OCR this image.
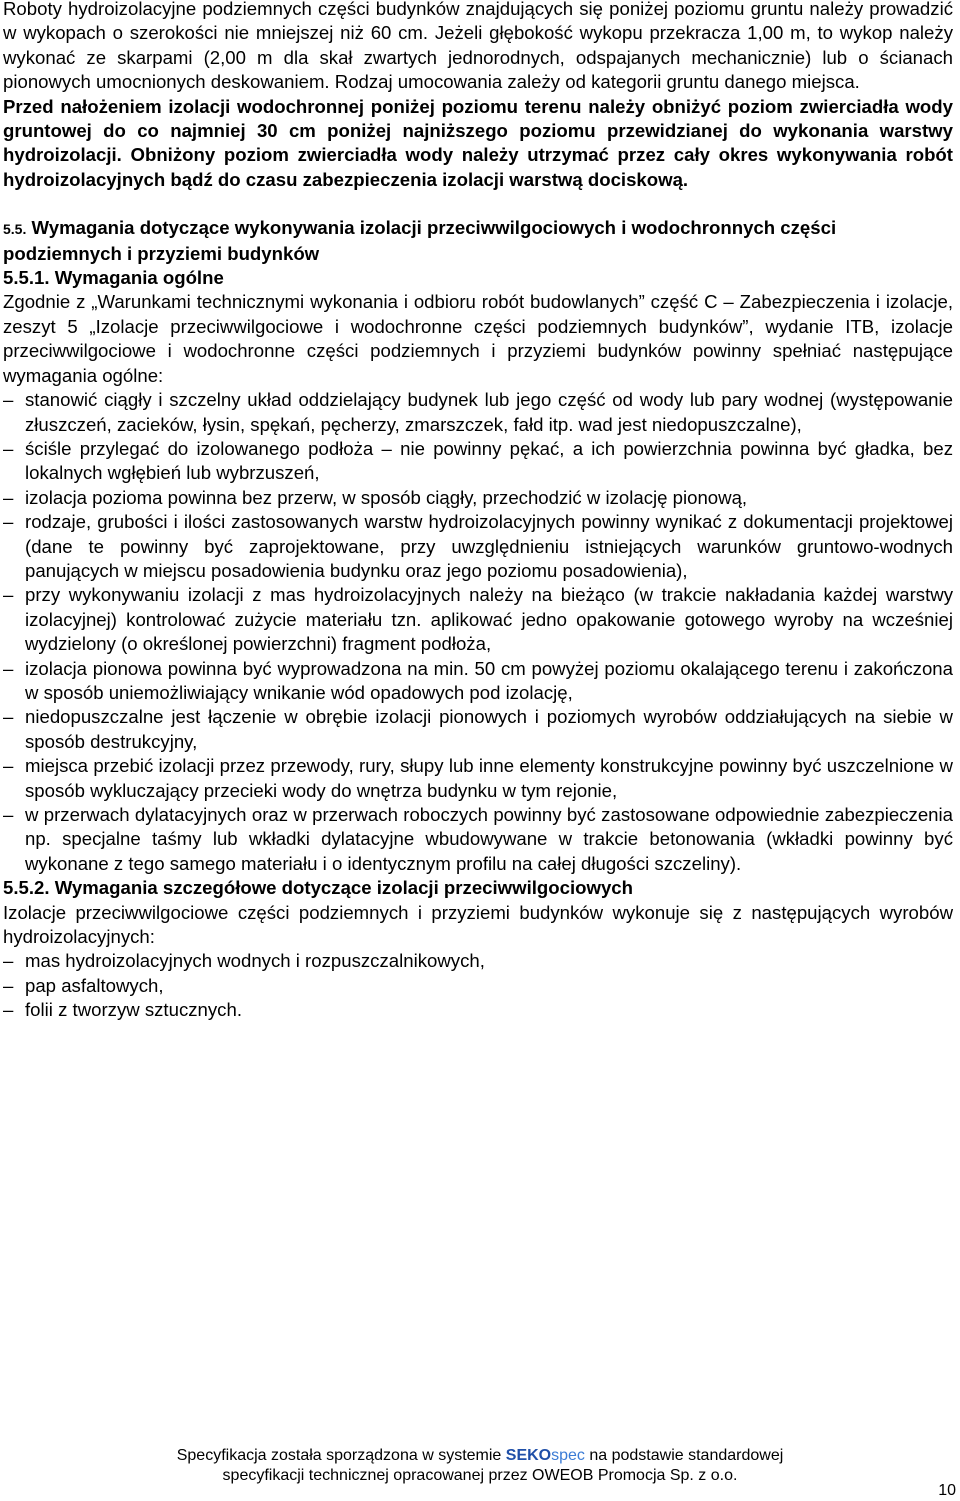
Roboty hydroizolacyjne podziemnych części budynków znajdujących się poniżej poziomu gruntu należy prowadzić w wykopach o szerokości nie mniejszej niż 60 cm. Jeżeli głębokość wykopu przekracza 1,00 m, to wykop należy wykonać ze skarpami (2,00 m dla skał zwartych jednorodnych, odspajanych mechanicznie) lub o ścianach pionowych umocnionych deskowaniem. Rodzaj umocowania zależy od kategorii gruntu danego miejsca.

Przed nałożeniem izolacji wodochronnej poniżej poziomu terenu należy obniżyć poziom zwierciadła wody gruntowej do co najmniej 30 cm poniżej najniższego poziomu przewidzianej do wykonania warstwy hydroizolacji. Obniżony poziom zwierciadła wody należy utrzymać przez cały okres wykonywania robót hydroizolacyjnych bądź do czasu zabezpieczenia izolacji warstwą dociskową.

5.5. Wymagania dotyczące wykonywania izolacji przeciwwilgociowych i wodochronnych części podziemnych i przyziemi budynków
5.5.1. Wymagania ogólne

Zgodnie z „Warunkami technicznymi wykonania i odbioru robót budowlanych” część C – Zabezpieczenia i izolacje, zeszyt 5 „Izolacje przeciwwilgociowe i wodochronne części podziemnych budynków”, wydanie ITB, izolacje przeciwwilgociowe i wodochronne części podziemnych i przyziemi budynków powinny spełniać następujące wymagania ogólne:

– stanowić ciągły i szczelny układ oddzielający budynek lub jego część od wody lub pary wodnej (występowanie złuszczeń, zacieków, łysin, spękań, pęcherzy, zmarszczek, fałd itp. wad jest niedopuszczalne),
– ściśle przylegać do izolowanego podłoża – nie powinny pękać, a ich powierzchnia powinna być gładka, bez lokalnych wgłębień lub wybrzuszeń,
– izolacja pozioma powinna bez przerw, w sposób ciągły, przechodzić w izolację pionową,
– rodzaje, grubości i ilości zastosowanych warstw hydroizolacyjnych powinny wynikać z dokumentacji projektowej (dane te powinny być zaprojektowane, przy uwzględnieniu istniejących warunków gruntowo-wodnych panujących w miejscu posadowienia budynku oraz jego poziomu posadowienia),
– przy wykonywaniu izolacji z mas hydroizolacyjnych należy na bieżąco (w trakcie nakładania każdej warstwy izolacyjnej) kontrolować zużycie materiału tzn. aplikować jedno opakowanie gotowego wyroby na wcześniej wydzielony (o określonej powierzchni) fragment podłoża,
– izolacja pionowa powinna być wyprowadzona na min. 50 cm powyżej poziomu okalającego terenu i zakończona w sposób uniemożliwiający wnikanie wód opadowych pod izolację,
– niedopuszczalne jest łączenie w obrębie izolacji pionowych i poziomych wyrobów oddziałujących na siebie w sposób destrukcyjny,
– miejsca przebić izolacji przez przewody, rury, słupy lub inne elementy konstrukcyjne powinny być uszczelnione w sposób wykluczający przecieki wody do wnętrza budynku w tym rejonie,
– w przerwach dylatacyjnych oraz w przerwach roboczych powinny być zastosowane odpowiednie zabezpieczenia np. specjalne taśmy lub wkładki dylatacyjne wbudowywane w trakcie betonowania (wkładki powinny być wykonane z tego samego materiału i o identycznym profilu na całej długości szczeliny).
5.5.2. Wymagania szczegółowe dotyczące izolacji przeciwwilgociowych

Izolacje przeciwwilgociowe części podziemnych i przyziemi budynków wykonuje się z następujących wyrobów hydroizolacyjnych:

– mas hydroizolacyjnych wodnych i rozpuszczalnikowych,
– pap asfaltowych,
– folii z tworzyw sztucznych.
Specyfikacja została sporządzona w systemie SEKOspec na podstawie standardowej
specyfikacji technicznej opracowanej przez OWEOB Promocja Sp. z o.o.
10
